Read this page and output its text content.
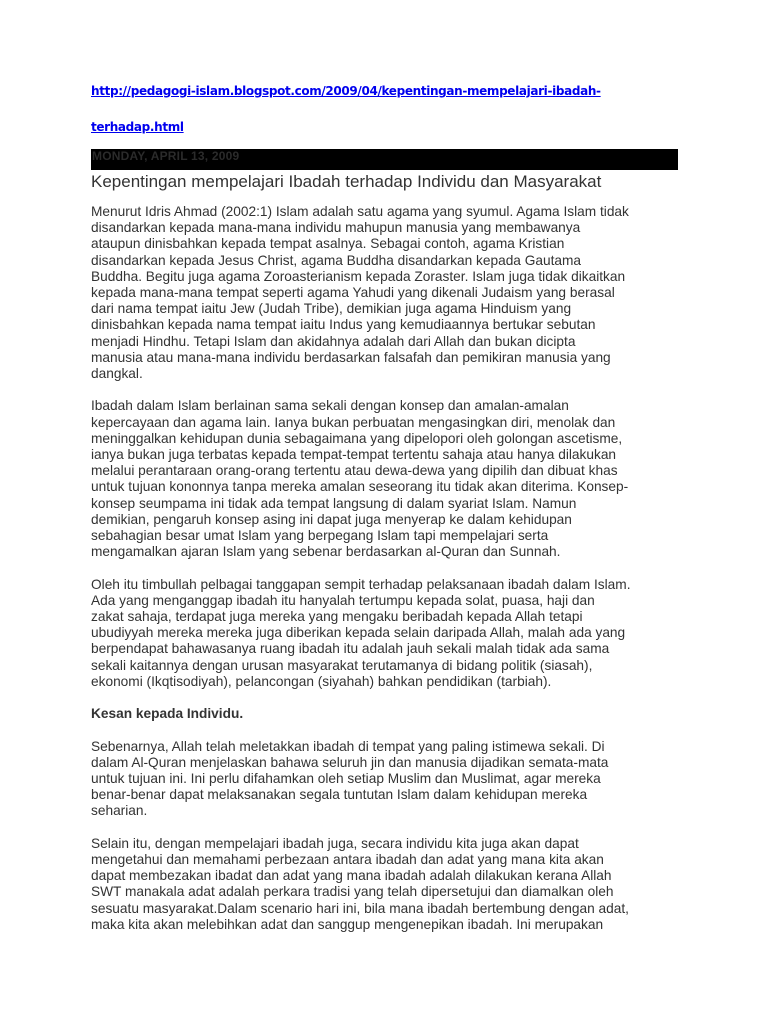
http://pedagogi-islam.blogspot.com/2009/04/kepentingan-mempelajari-ibadah-
terhadap.html
MONDAY, APRIL 13, 2009
Kepentingan mempelajari Ibadah terhadap Individu dan Masyarakat

Menurut Idris Ahmad (2002:1) Islam adalah satu agama yang syumul. Agama Islam tidak
disandarkan kepada mana-mana individu mahupun manusia yang membawanya
ataupun dinisbahkan kepada tempat asalnya. Sebagai contoh, agama Kristian
disandarkan kepada Jesus Christ, agama Buddha disandarkan kepada Gautama
Buddha. Begitu juga agama Zoroasterianism kepada Zoraster. Islam juga tidak dikaitkan
kepada mana-mana tempat seperti agama Yahudi yang dikenali Judaism yang berasal
dari nama tempat iaitu Jew (Judah Tribe), demikian juga agama Hinduism yang
dinisbahkan kepada nama tempat iaitu Indus yang kemudiaannya bertukar sebutan
menjadi Hindhu. Tetapi Islam dan akidahnya adalah dari Allah dan bukan dicipta
manusia atau mana-mana individu berdasarkan falsafah dan pemikiran manusia yang
dangkal.

Ibadah dalam Islam berlainan sama sekali dengan konsep dan amalan-amalan
kepercayaan dan agama lain. Ianya bukan perbuatan mengasingkan diri, menolak dan
meninggalkan kehidupan dunia sebagaimana yang dipelopori oleh golongan ascetisme,
ianya bukan juga terbatas kepada tempat-tempat tertentu sahaja atau hanya dilakukan
melalui perantaraan orang-orang tertentu atau dewa-dewa yang dipilih dan dibuat khas
untuk tujuan kononnya tanpa mereka amalan seseorang itu tidak akan diterima. Konsep-
konsep seumpama ini tidak ada tempat langsung di dalam syariat Islam. Namun
demikian, pengaruh konsep asing ini dapat juga menyerap ke dalam kehidupan
sebahagian besar umat Islam yang berpegang Islam tapi mempelajari serta
mengamalkan ajaran Islam yang sebenar berdasarkan al-Quran dan Sunnah.

Oleh itu timbullah pelbagai tanggapan sempit terhadap pelaksanaan ibadah dalam Islam.
Ada yang menganggap ibadah itu hanyalah tertumpu kepada solat, puasa, haji dan
zakat sahaja, terdapat juga mereka yang mengaku beribadah kepada Allah tetapi
ubudiyyah mereka mereka juga diberikan kepada selain daripada Allah, malah ada yang
berpendapat bahawasanya ruang ibadah itu adalah jauh sekali malah tidak ada sama
sekali kaitannya dengan urusan masyarakat terutamanya di bidang politik (siasah),
ekonomi (Ikqtisodiyah), pelancongan (siyahah) bahkan pendidikan (tarbiah).

Kesan kepada Individu.

Sebenarnya, Allah telah meletakkan ibadah di tempat yang paling istimewa sekali. Di
dalam Al-Quran menjelaskan bahawa seluruh jin dan manusia dijadikan semata-mata
untuk tujuan ini. Ini perlu difahamkan oleh setiap Muslim dan Muslimat, agar mereka
benar-benar dapat melaksanakan segala tuntutan Islam dalam kehidupan mereka
seharian.

Selain itu, dengan mempelajari ibadah juga, secara individu kita juga akan dapat
mengetahui dan memahami perbezaan antara ibadah dan adat yang mana kita akan
dapat membezakan ibadat dan adat yang mana ibadah adalah dilakukan kerana Allah
SWT manakala adat adalah perkara tradisi yang telah dipersetujui dan diamalkan oleh
sesuatu masyarakat.Dalam scenario hari ini, bila mana ibadah bertembung dengan adat,
maka kita akan melebihkan adat dan sanggup mengenepikan ibadah. Ini merupakan
